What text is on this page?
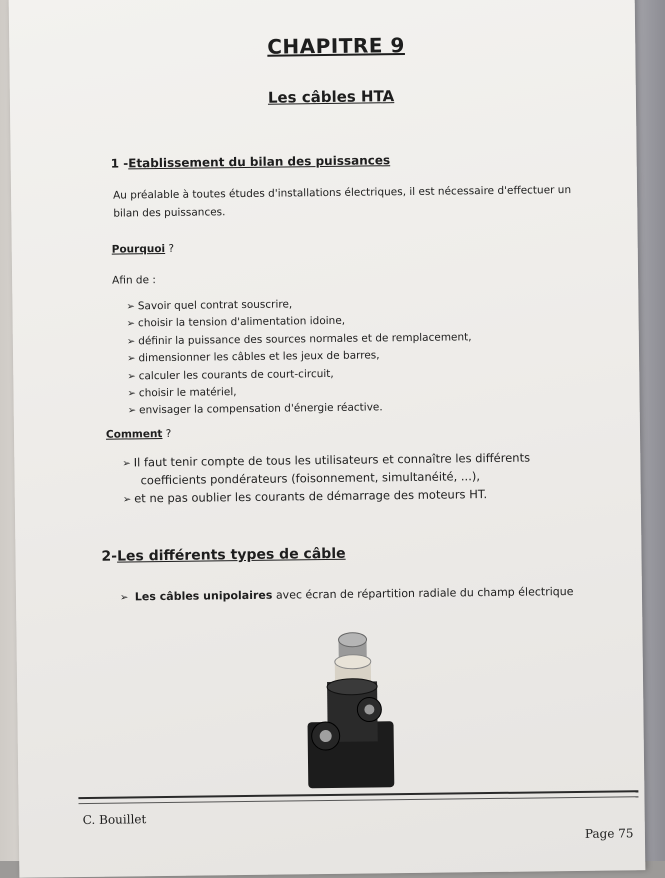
CHAPITRE 9
Les câbles HTA
1 -Etablissement du bilan des puissances
Au préalable à toutes études d'installations électriques, il est nécessaire d'effectuer un bilan des puissances.
Pourquoi ?
Afin de :
➢ Savoir quel contrat souscrire,
➢ choisir la tension d'alimentation idoine,
➢ définir la puissance des sources normales et de remplacement,
➢ dimensionner les câbles et les jeux de barres,
➢ calculer les courants de court-circuit,
➢ choisir le matériel,
➢ envisager la compensation d'énergie réactive.
Comment ?
➢ Il faut tenir compte de tous les utilisateurs et connaître les différents
coefficients pondérateurs (foisonnement, simultanéité, ...),
➢ et ne pas oublier les courants de démarrage des moteurs HT.
2-Les différents types de câble
➢ Les câbles unipolaires avec écran de répartition radiale du champ électrique
C. Bouillet
Page 75
